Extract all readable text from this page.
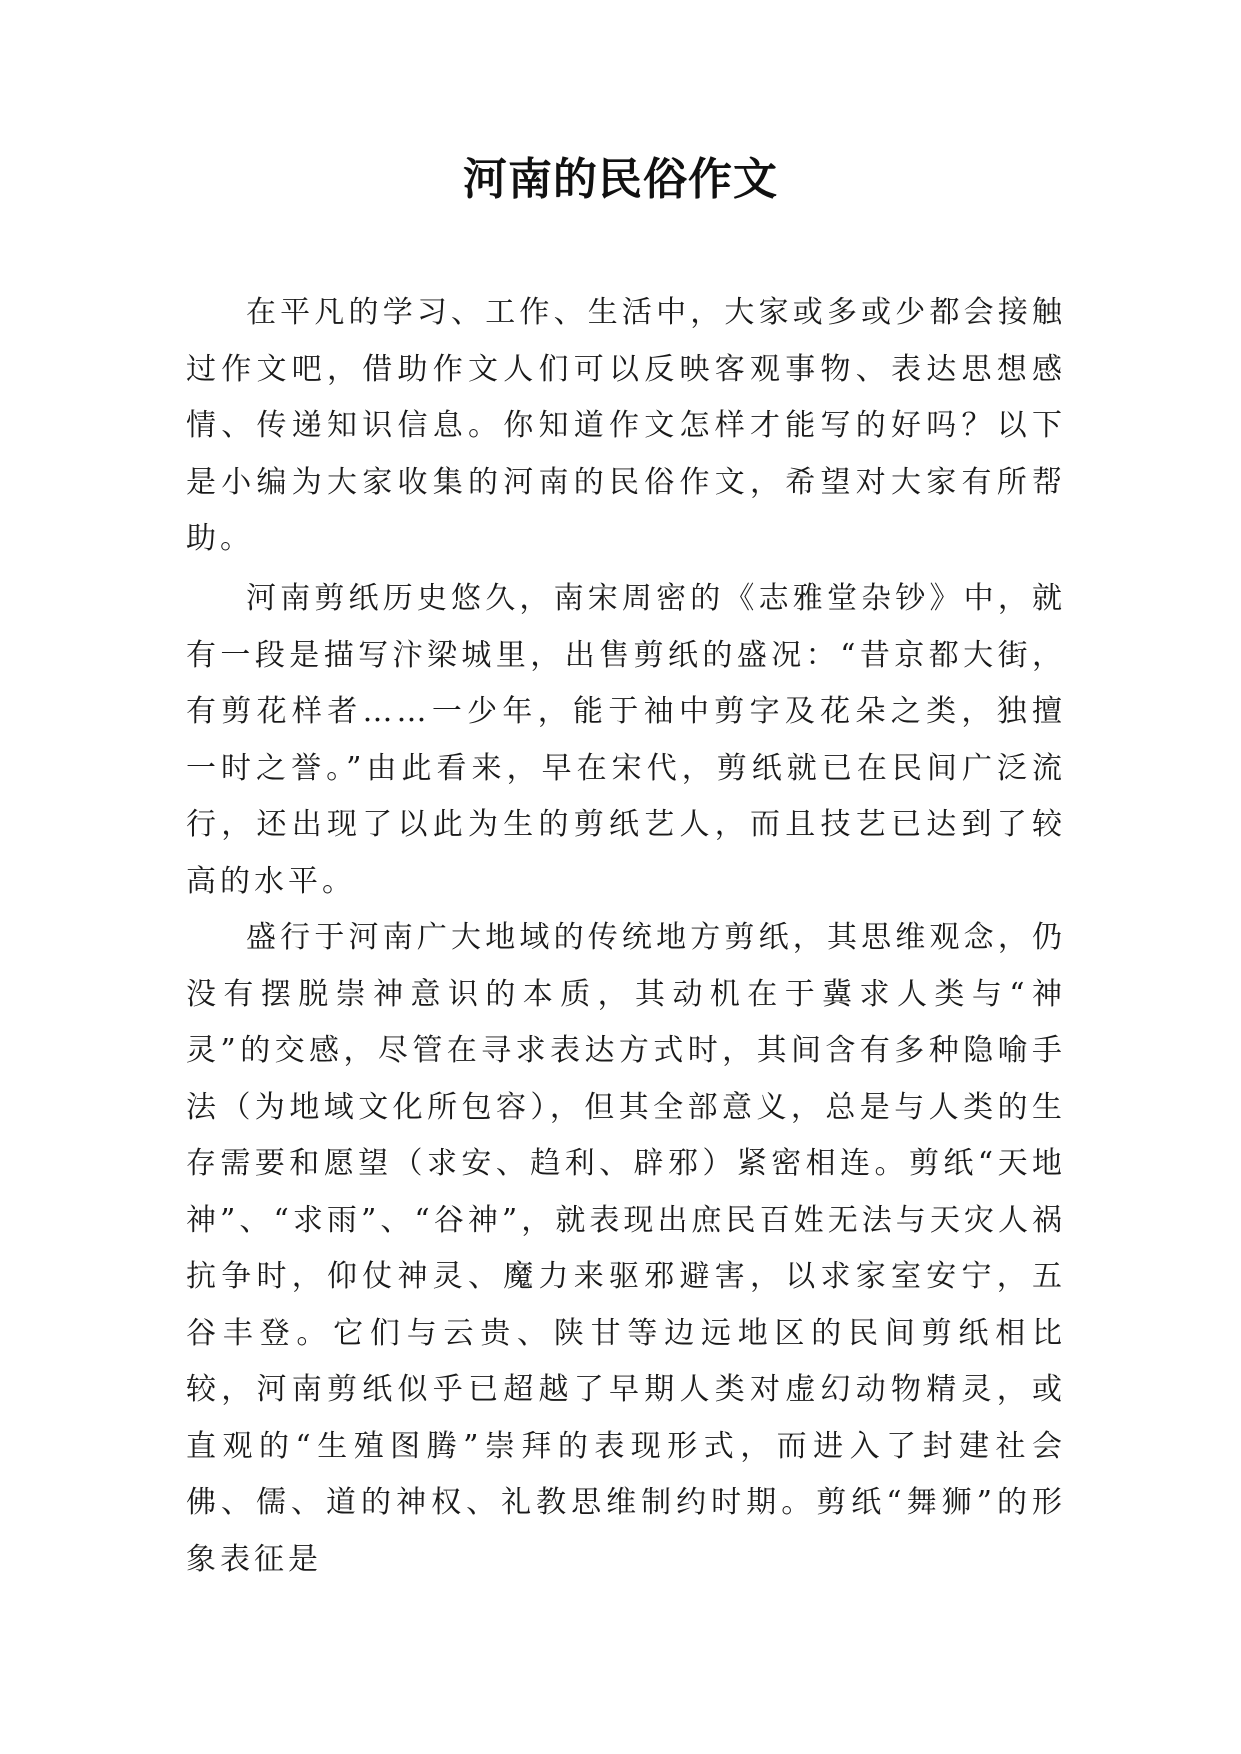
河南的民俗作文

在平凡的学习、工作、生活中，大家或多或少都会接触过作文吧，借助作文人们可以反映客观事物、表达思想感情、传递知识信息。你知道作文怎样才能写的好吗？以下是小编为大家收集的河南的民俗作文，希望对大家有所帮助。

河南剪纸历史悠久，南宋周密的《志雅堂杂钞》中，就有一段是描写汴梁城里，出售剪纸的盛况：“昔京都大街，有剪花样者……一少年，能于袖中剪字及花朵之类，独擅一时之誉。”由此看来，早在宋代，剪纸就已在民间广泛流行，还出现了以此为生的剪纸艺人，而且技艺已达到了较高的水平。

盛行于河南广大地域的传统地方剪纸，其思维观念，仍没有摆脱崇神意识的本质，其动机在于冀求人类与“神灵”的交感，尽管在寻求表达方式时，其间含有多种隐喻手法（为地域文化所包容），但其全部意义，总是与人类的生存需要和愿望（求安、趋利、辟邪）紧密相连。剪纸“天地神”、“求雨”、“谷神”，就表现出庶民百姓无法与天灾人祸抗争时，仰仗神灵、魔力来驱邪避害，以求家室安宁，五谷丰登。它们与云贵、陕甘等边远地区的民间剪纸相比较，河南剪纸似乎已超越了早期人类对虚幻动物精灵，或直观的“生殖图腾”崇拜的表现形式，而进入了封建社会佛、儒、道的神权、礼教思维制约时期。剪纸“舞狮”的形象表征是
